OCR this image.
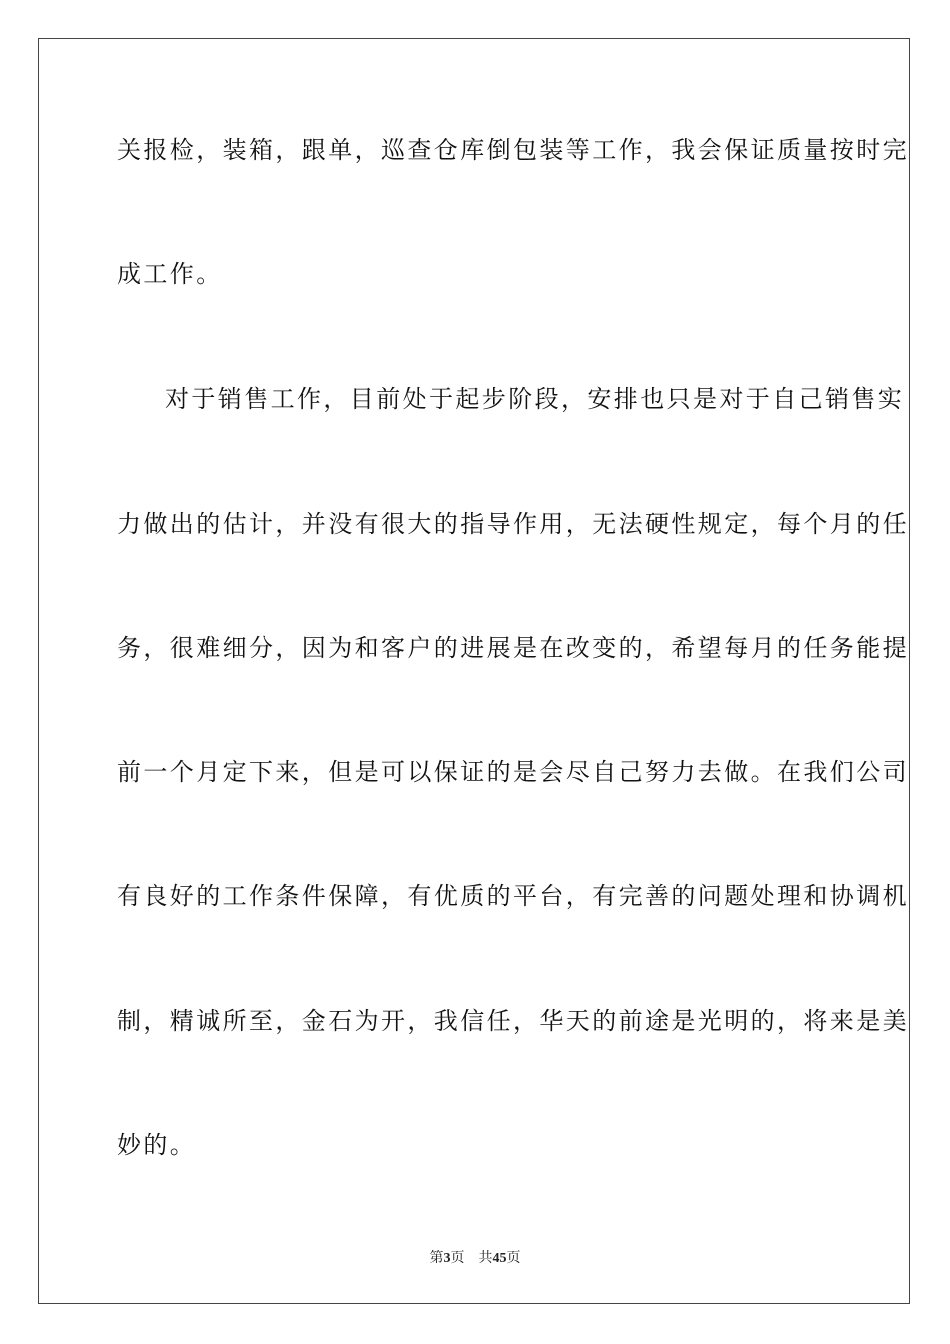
关报检，装箱，跟单，巡查仓库倒包装等工作，我会保证质量按时完
成工作。
对于销售工作，目前处于起步阶段，安排也只是对于自己销售实
力做出的估计，并没有很大的指导作用，无法硬性规定，每个月的任
务，很难细分，因为和客户的进展是在改变的，希望每月的任务能提
前一个月定下来，但是可以保证的是会尽自己努力去做。在我们公司
有良好的工作条件保障，有优质的平台，有完善的问题处理和协调机
制，精诚所至，金石为开，我信任，华天的前途是光明的，将来是美
妙的。
第3页 共45页
